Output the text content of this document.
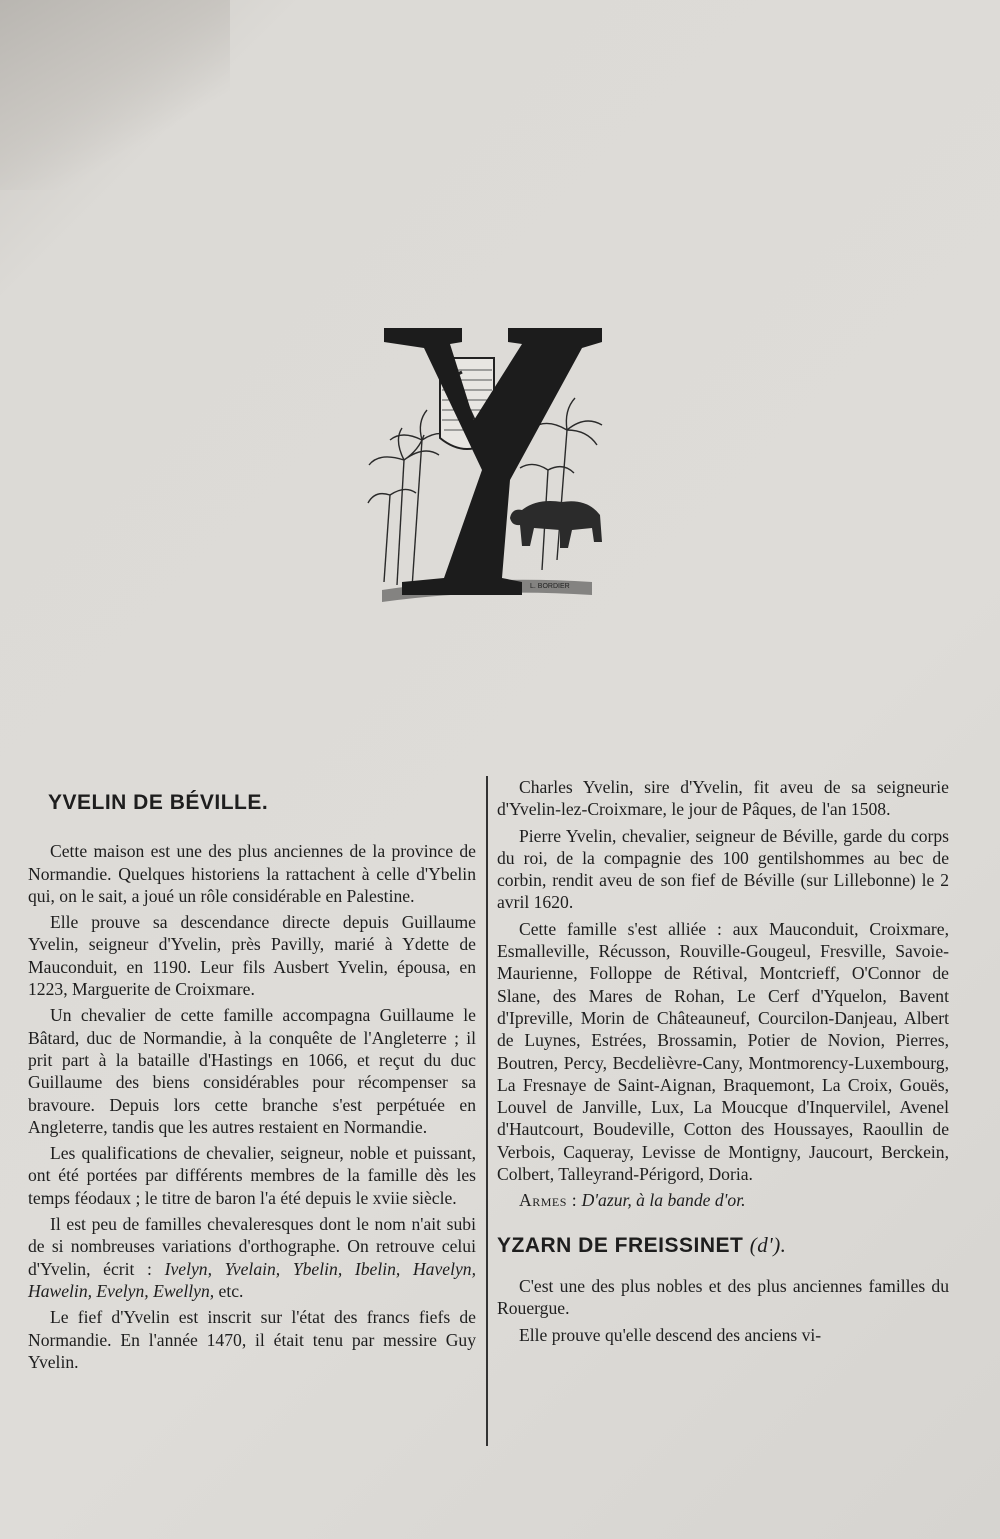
L. BORDIER
YVELIN DE BÉVILLE.

Cette maison est une des plus anciennes de la province de Normandie. Quelques historiens la rattachent à celle d'Ybelin qui, on le sait, a joué un rôle considérable en Palestine.

Elle prouve sa descendance directe depuis Guillaume Yvelin, seigneur d'Yvelin, près Pavilly, marié à Ydette de Mauconduit, en 1190. Leur fils Ausbert Yvelin, épousa, en 1223, Marguerite de Croixmare.

Un chevalier de cette famille accompagna Guillaume le Bâtard, duc de Normandie, à la conquête de l'Angleterre ; il prit part à la bataille d'Hastings en 1066, et reçut du duc Guillaume des biens considérables pour récompenser sa bravoure. Depuis lors cette branche s'est perpétuée en Angleterre, tandis que les autres restaient en Normandie.

Les qualifications de chevalier, seigneur, noble et puissant, ont été portées par différents membres de la famille dès les temps féodaux ; le titre de baron l'a été depuis le xviie siècle.

Il est peu de familles chevaleresques dont le nom n'ait subi de si nombreuses variations d'orthographe. On retrouve celui d'Yvelin, écrit : Ivelyn, Yvelain, Ybelin, Ibelin, Havelyn, Hawelin, Evelyn, Ewellyn, etc.

Le fief d'Yvelin est inscrit sur l'état des francs fiefs de Normandie. En l'année 1470, il était tenu par messire Guy Yvelin.

Charles Yvelin, sire d'Yvelin, fit aveu de sa seigneurie d'Yvelin-lez-Croixmare, le jour de Pâques, de l'an 1508.

Pierre Yvelin, chevalier, seigneur de Béville, garde du corps du roi, de la compagnie des 100 gentilshommes au bec de corbin, rendit aveu de son fief de Béville (sur Lillebonne) le 2 avril 1620.

Cette famille s'est alliée : aux Mauconduit, Croixmare, Esmalleville, Récusson, Rouville-Gougeul, Fresville, Savoie-Maurienne, Folloppe de Rétival, Montcrieff, O'Connor de Slane, des Mares de Rohan, Le Cerf d'Yquelon, Bavent d'Ipreville, Morin de Châteauneuf, Courcilon-Danjeau, Albert de Luynes, Estrées, Brossamin, Potier de Novion, Pierres, Boutren, Percy, Becdelièvre-Cany, Montmorency-Luxembourg, La Fresnaye de Saint-Aignan, Braquemont, La Croix, Gouës, Louvel de Janville, Lux, La Moucque d'Inquervilel, Avenel d'Hautcourt, Boudeville, Cotton des Houssayes, Raoullin de Verbois, Caqueray, Levisse de Montigny, Jaucourt, Berckein, Colbert, Talleyrand-Périgord, Doria.

Armes : D'azur, à la bande d'or.

YZARN DE FREISSINET (d').

C'est une des plus nobles et des plus anciennes familles du Rouergue.

Elle prouve qu'elle descend des anciens vi-
